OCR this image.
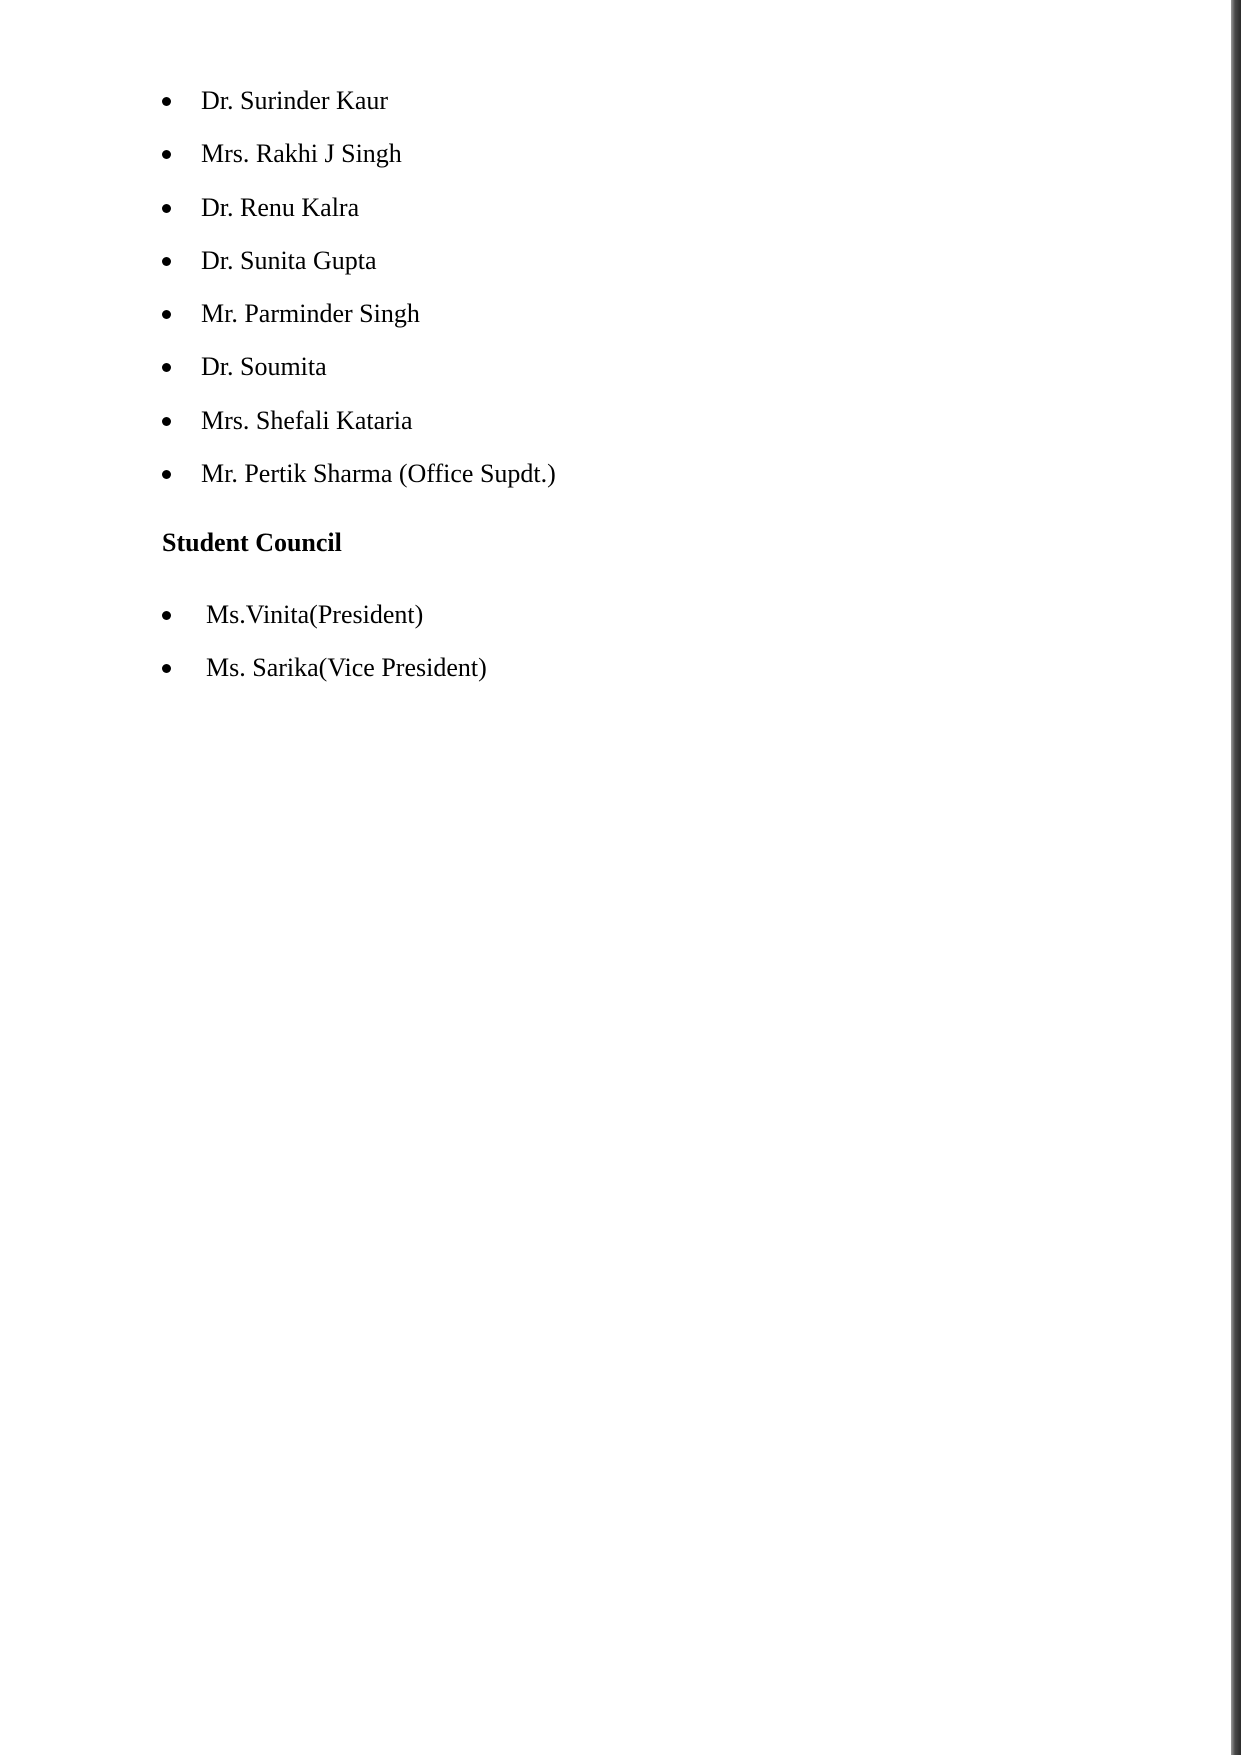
Dr. Surinder Kaur
Mrs. Rakhi J Singh
Dr. Renu Kalra
Dr. Sunita Gupta
Mr. Parminder Singh
Dr. Soumita
Mrs. Shefali Kataria
Mr. Pertik Sharma (Office Supdt.)
Student Council
Ms.Vinita(President)
Ms. Sarika(Vice President)
